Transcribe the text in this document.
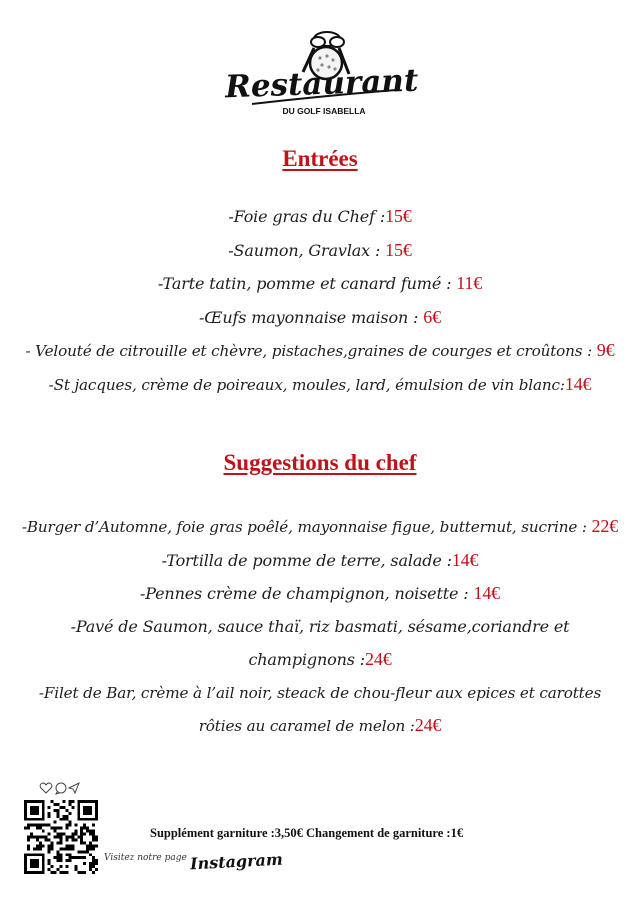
Restaurant
DU GOLF ISABELLA
Entrées
-Foie gras du Chef :15€
-Saumon, Gravlax : 15€
-Tarte tatin, pomme et canard fumé : 11€
-Œufs mayonnaise maison : 6€
- Velouté de citrouille et chèvre, pistaches,graines de courges et croûtons : 9€
-St jacques, crème de poireaux, moules, lard, émulsion de vin blanc:14€
Suggestions du chef
-Burger d’Automne, foie gras poêlé, mayonnaise figue, butternut, sucrine : 22€
-Tortilla de pomme de terre, salade :14€
-Pennes crème de champignon, noisette : 14€
-Pavé de Saumon, sauce thaï, riz basmati, sésame,coriandre et
champignons :24€
-Filet de Bar, crème à l’ail noir, steack de chou-fleur aux epices et carottes
rôties au caramel de melon :24€
Supplément garniture :3,50€ Changement de garniture :1€
Visitez notre page Instagram
